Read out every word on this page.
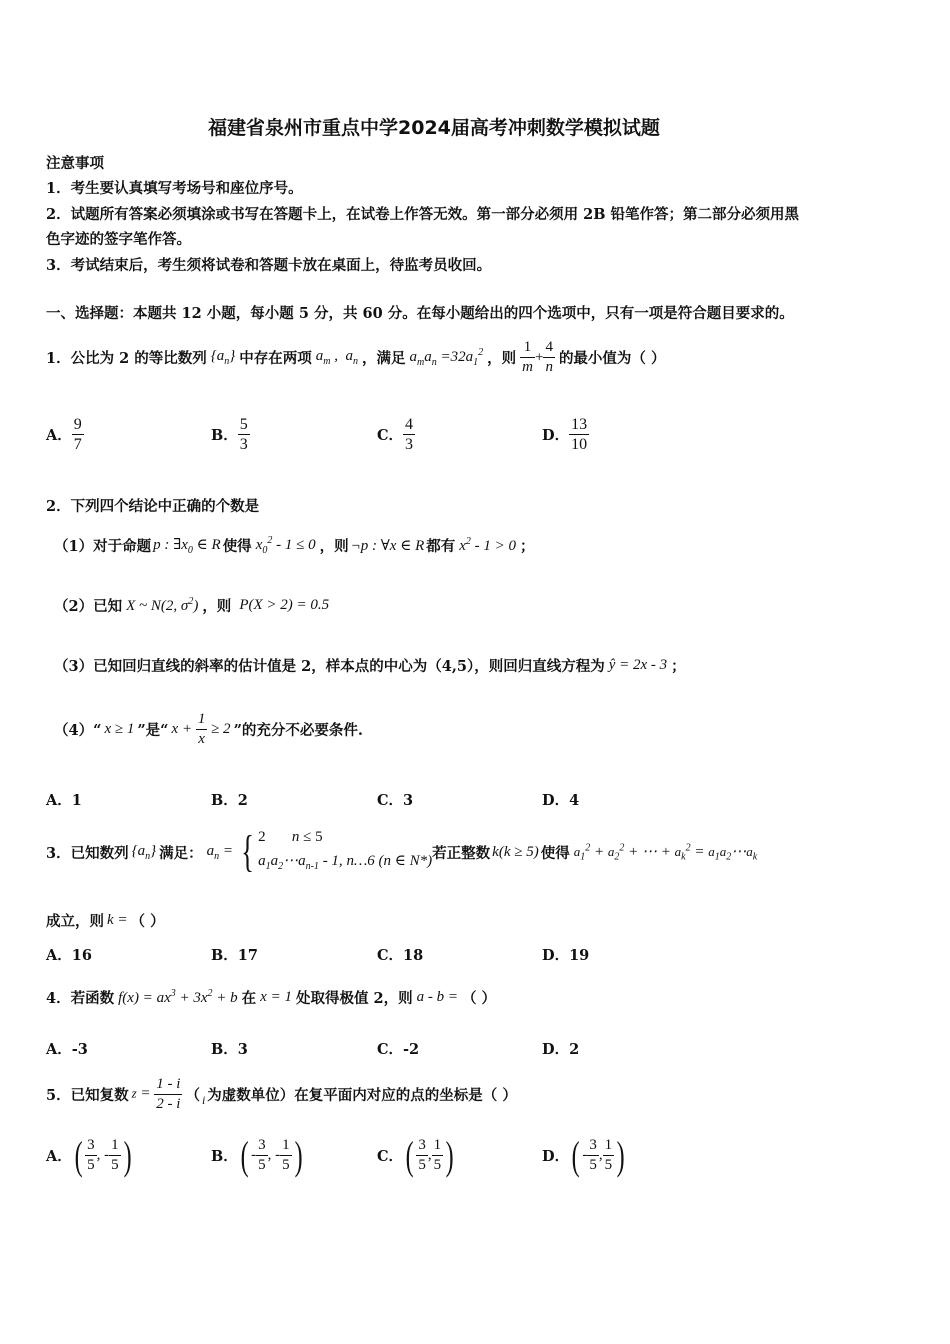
福建省泉州市重点中学2024届高考冲刺数学模拟试题
注意事项
1．考生要认真填写考场号和座位序号。
2．试题所有答案必须填涂或书写在答题卡上，在试卷上作答无效。第一部分必须用 2B 铅笔作答；第二部分必须用黑
色字迹的签字笔作答。
3．考试结束后，考生须将试卷和答题卡放在桌面上，待监考员收回。
一、选择题：本题共 12 小题，每小题 5 分，共 60 分。在每小题给出的四个选项中，只有一项是符合题目要求的。
1．公比为 2 的等比数列 $\{a_n\}$ 中存在两项 $a_m$ ,  $a_n$ ，满足 $a_ma_n =32a_1^2$ ，则 $\frac{1}{m} + \frac{4}{n}$ 的最小值为（ ）
A． $\frac{9}{7}$	B． $\frac{5}{3}$	C． $\frac{4}{3}$	D． $\frac{13}{10}$
2．下列四个结论中正确的个数是
（1）对于命题 p : $\exists x_0$ ∈ R 使得 $x_0^2 - 1 \le 0$ ，则 ¬p : ∀x ∈ R 都有 $x^2 - 1 > 0$ ；
（2）已知 X ~ N(2, $\sigma^2$) ，则 P(X > 2) = 0.5
（3）已知回归直线的斜率的估计值是 2，样本点的中心为（4,5），则回归直线方程为 ŷ = 2x - 3 ；
（4）“ x ≥ 1 ”是“ $x + \frac{1}{x} \ge 2$ ”的充分不必要条件.
A．1	B．2	C．3	D．4
3．已知数列 $\{a_n\}$ 满足： $a_n$ = { 2       n ≤ 5
$a_1a_2\cdots a_{n-1} - 1$, n…6 (n ∈ N*) 若正整数 k(k ≥ 5) 使得 $a_1^2 + a_2^2$ + ⋯ + $a_k^2$ = $a_1a_2\cdots a_k$
成立，则 k = （ ）
A．16	B．17	C．18	D．19
4．若函数 $f(x) = ax^3 + 3x^2 + b$ 在 x = 1 处取得极值 2，则 a - b = （ ）
A．-3	B．3	C．-2	D．2
5．已知复数 $z = \frac{1 - i}{2 - i}$ （ i 为虚数单位）在复平面内对应的点的坐标是（ ）
A． ( $\frac{3}{5}$ , - $\frac{1}{5}$ )	B． ( - $\frac{3}{5}$ , - $\frac{1}{5}$ )	C． ( $\frac{3}{5}$ , $\frac{1}{5}$ )	D． ( - $\frac{3}{5}$ , $\frac{1}{5}$ )
